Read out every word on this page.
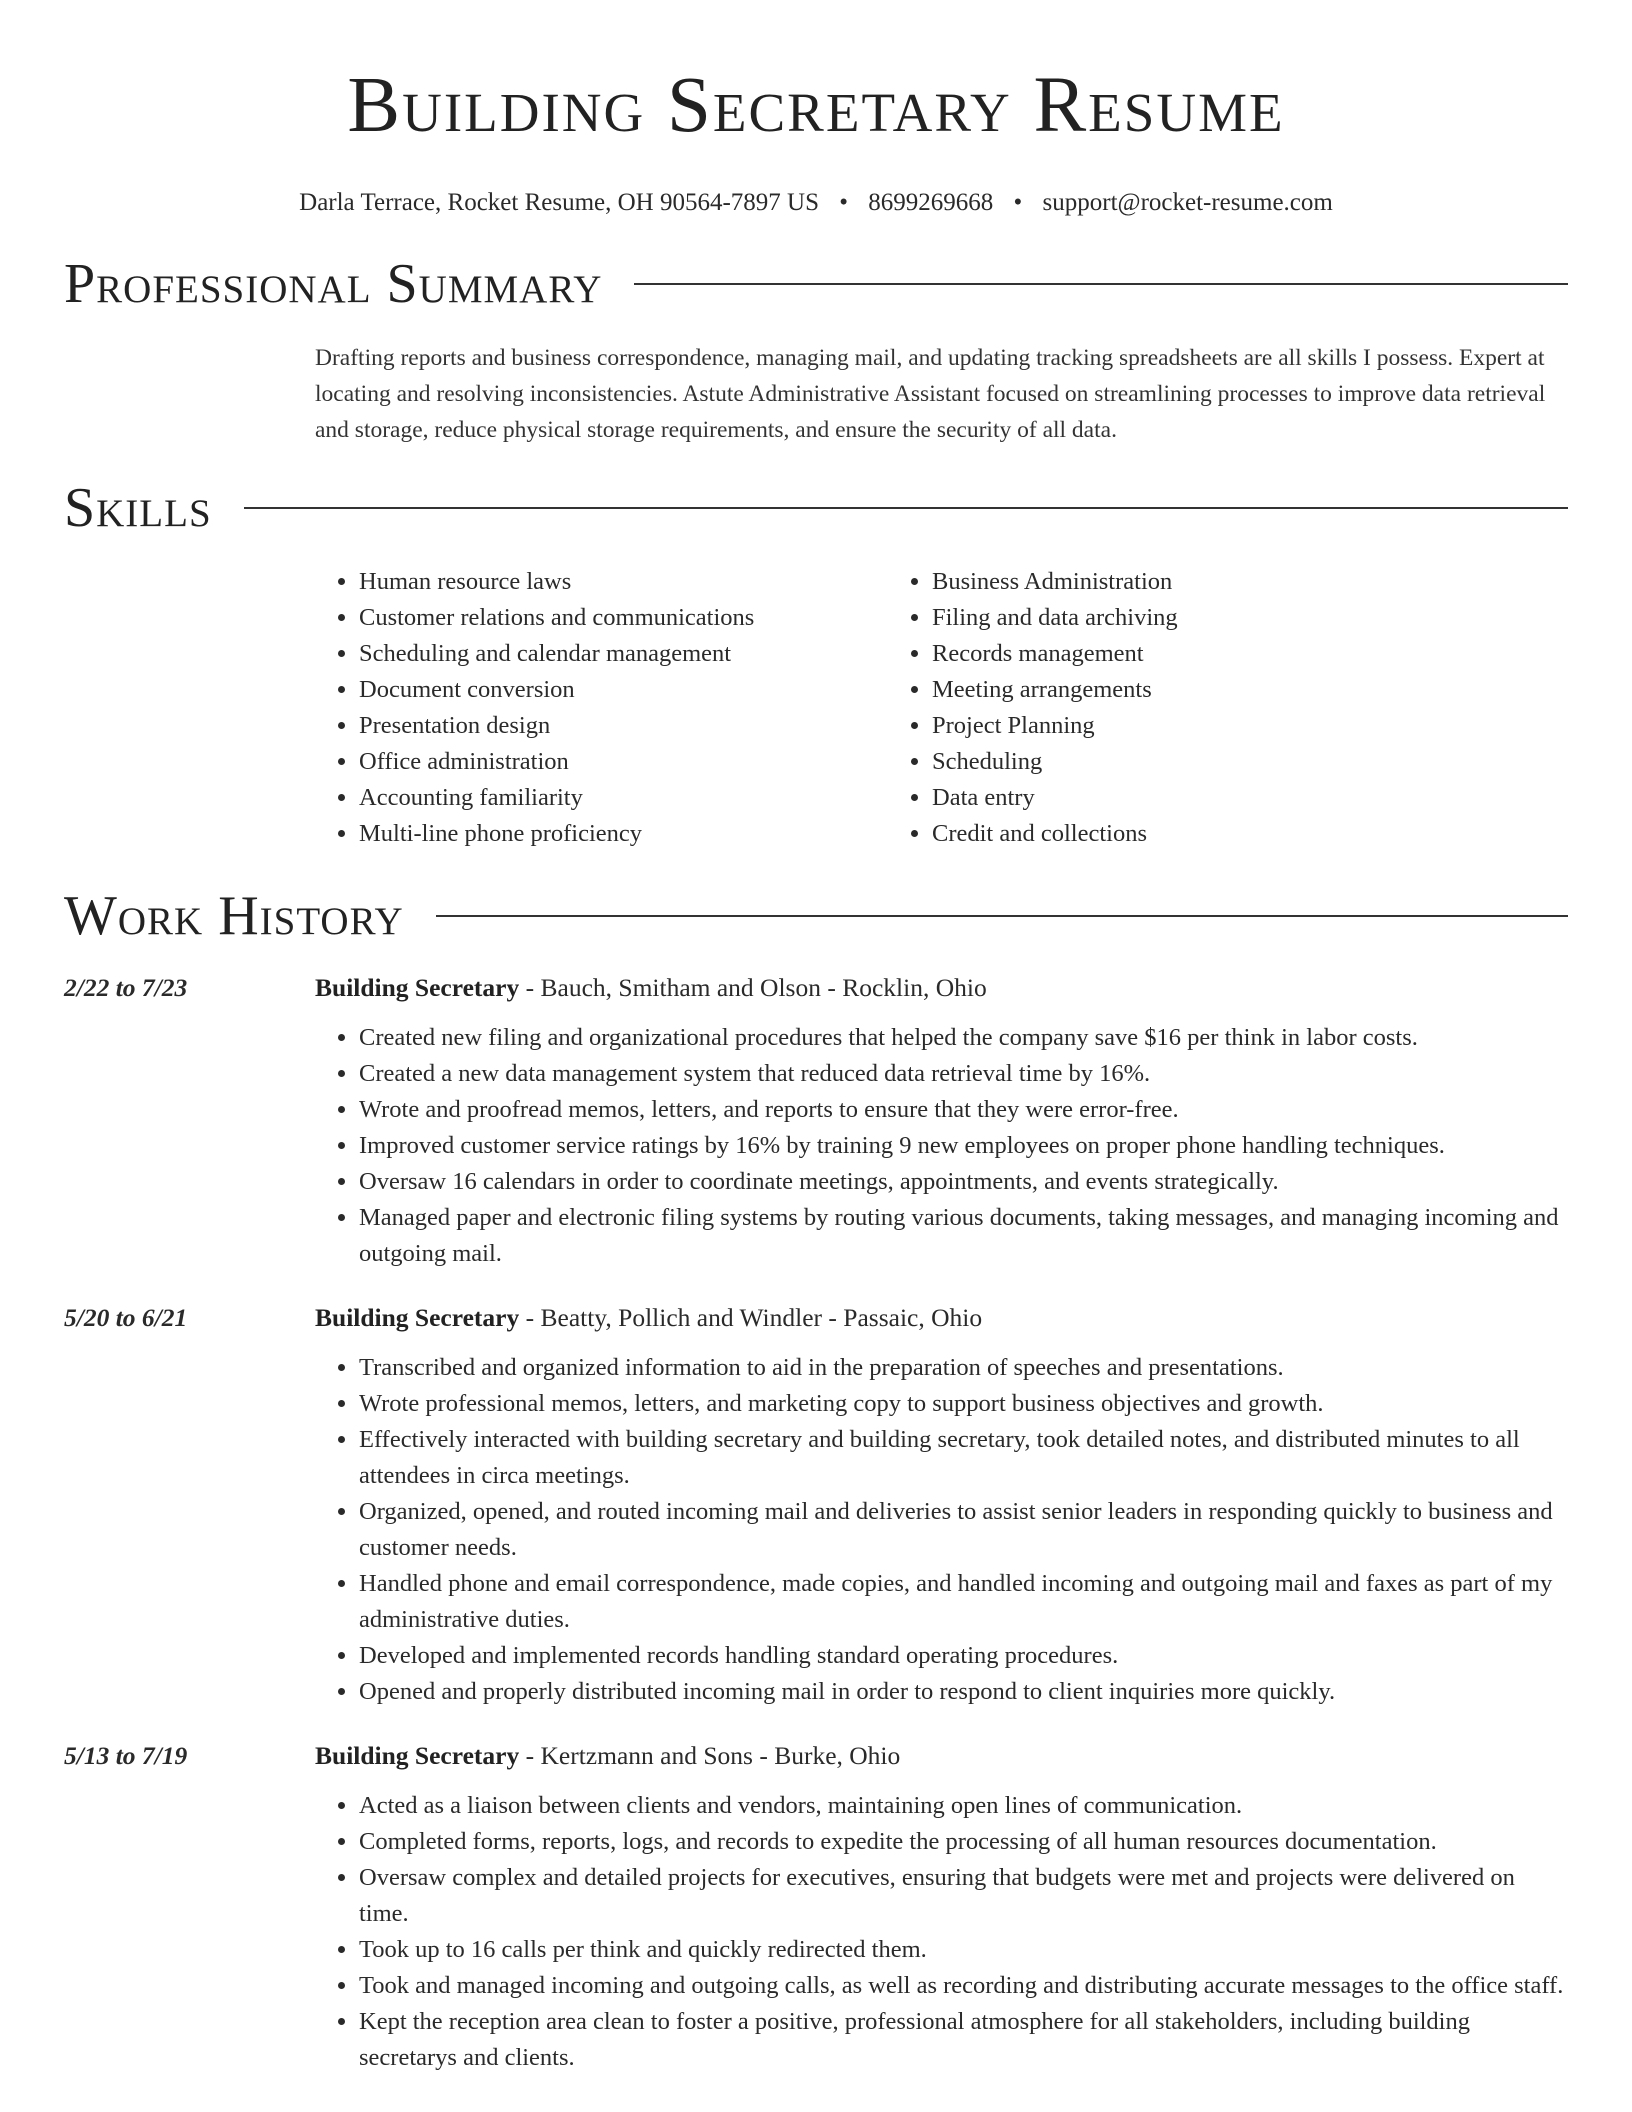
Building Secretary Resume
Darla Terrace, Rocket Resume, OH 90564-7897 US • 8699269668 • support@rocket-resume.com
Professional Summary

Drafting reports and business correspondence, managing mail, and updating tracking spreadsheets are all skills I possess. Expert at locating and resolving inconsistencies. Astute Administrative Assistant focused on streamlining processes to improve data retrieval and storage, reduce physical storage requirements, and ensure the security of all data.

Skills
• Human resource laws
• Customer relations and communications
• Scheduling and calendar management
• Document conversion
• Presentation design
• Office administration
• Accounting familiarity
• Multi-line phone proficiency
• Business Administration
• Filing and data archiving
• Records management
• Meeting arrangements
• Project Planning
• Scheduling
• Data entry
• Credit and collections
Work History
2/22 to 7/23	Building Secretary - Bauch, Smitham and Olson - Rocklin, Ohio
• Created new filing and organizational procedures that helped the company save $16 per think in labor costs.
• Created a new data management system that reduced data retrieval time by 16%.
• Wrote and proofread memos, letters, and reports to ensure that they were error-free.
• Improved customer service ratings by 16% by training 9 new employees on proper phone handling techniques.
• Oversaw 16 calendars in order to coordinate meetings, appointments, and events strategically.
• Managed paper and electronic filing systems by routing various documents, taking messages, and managing incoming and outgoing mail.
5/20 to 6/21	Building Secretary - Beatty, Pollich and Windler - Passaic, Ohio
• Transcribed and organized information to aid in the preparation of speeches and presentations.
• Wrote professional memos, letters, and marketing copy to support business objectives and growth.
• Effectively interacted with building secretary and building secretary, took detailed notes, and distributed minutes to all attendees in circa meetings.
• Organized, opened, and routed incoming mail and deliveries to assist senior leaders in responding quickly to business and customer needs.
• Handled phone and email correspondence, made copies, and handled incoming and outgoing mail and faxes as part of my administrative duties.
• Developed and implemented records handling standard operating procedures.
• Opened and properly distributed incoming mail in order to respond to client inquiries more quickly.
5/13 to 7/19	Building Secretary - Kertzmann and Sons - Burke, Ohio
• Acted as a liaison between clients and vendors, maintaining open lines of communication.
• Completed forms, reports, logs, and records to expedite the processing of all human resources documentation.
• Oversaw complex and detailed projects for executives, ensuring that budgets were met and projects were delivered on time.
• Took up to 16 calls per think and quickly redirected them.
• Took and managed incoming and outgoing calls, as well as recording and distributing accurate messages to the office staff.
• Kept the reception area clean to foster a positive, professional atmosphere for all stakeholders, including building secretarys and clients.
